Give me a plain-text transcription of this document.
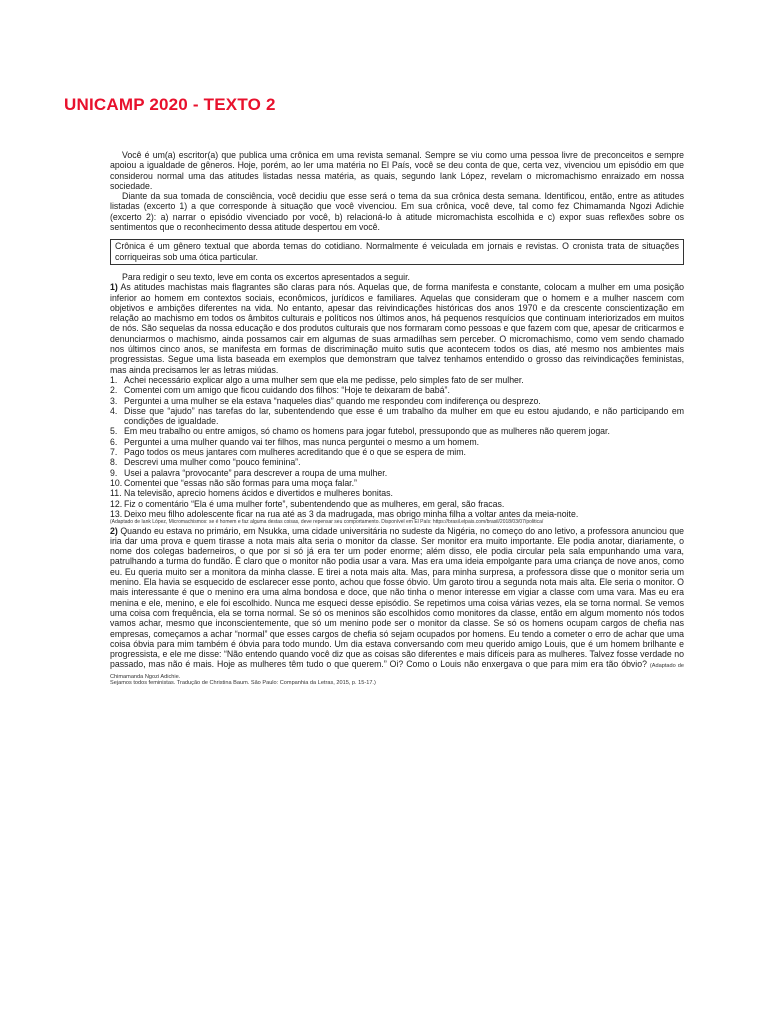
UNICAMP 2020 - TEXTO 2

Você é um(a) escritor(a) que publica uma crônica em uma revista semanal. Sempre se viu como uma pessoa livre de preconceitos e sempre apoiou a igualdade de gêneros. Hoje, porém, ao ler uma matéria no El País, você se deu conta de que, certa vez, vivenciou um episódio em que considerou normal uma das atitudes listadas nessa matéria, as quais, segundo Iank López, revelam o micromachismo enraizado em nossa sociedade.

Diante da sua tomada de consciência, você decidiu que esse será o tema da sua crônica desta semana. Identificou, então, entre as atitudes listadas (excerto 1) a que corresponde à situação que você vivenciou. Em sua crônica, você deve, tal como fez Chimamanda Ngozi Adichie (excerto 2): a) narrar o episódio vivenciado por você, b) relacioná-lo à atitude micromachista escolhida e c) expor suas reflexões sobre os sentimentos que o reconhecimento dessa atitude despertou em você.

Crônica é um gênero textual que aborda temas do cotidiano. Normalmente é veiculada em jornais e revistas. O cronista trata de situações corriqueiras sob uma ótica particular.

Para redigir o seu texto, leve em conta os excertos apresentados a seguir.

1) As atitudes machistas mais flagrantes são claras para nós. Aquelas que, de forma manifesta e constante, colocam a mulher em uma posição inferior ao homem em contextos sociais, econômicos, jurídicos e familiares. Aquelas que consideram que o homem e a mulher nascem com objetivos e ambições diferentes na vida. No entanto, apesar das reivindicações históricas dos anos 1970 e da crescente conscientização em relação ao machismo em todos os âmbitos culturais e políticos nos últimos anos, há pequenos resquícios que continuam interiorizados em muitos de nós. São sequelas da nossa educação e dos produtos culturais que nos formaram como pessoas e que fazem com que, apesar de criticarmos e denunciarmos o machismo, ainda possamos cair em algumas de suas armadilhas sem perceber. O micromachismo, como vem sendo chamado nos últimos cinco anos, se manifesta em formas de discriminação muito sutis que acontecem todos os dias, até mesmo nos ambientes mais progressistas. Segue uma lista baseada em exemplos que demonstram que talvez tenhamos entendido o grosso das reivindicações feministas, mas ainda precisamos ler as letras miúdas.

1. Achei necessário explicar algo a uma mulher sem que ela me pedisse, pelo simples fato de ser mulher.
2. Comentei com um amigo que ficou cuidando dos filhos: “Hoje te deixaram de babá”.
3. Perguntei a uma mulher se ela estava “naqueles dias” quando me respondeu com indiferença ou desprezo.
4. Disse que “ajudo” nas tarefas do lar, subentendendo que esse é um trabalho da mulher em que eu estou ajudando, e não participando em condições de igualdade.
5. Em meu trabalho ou entre amigos, só chamo os homens para jogar futebol, pressupondo que as mulheres não querem jogar.
6. Perguntei a uma mulher quando vai ter filhos, mas nunca perguntei o mesmo a um homem.
7. Pago todos os meus jantares com mulheres acreditando que é o que se espera de mim.
8. Descrevi uma mulher como “pouco feminina”.
9. Usei a palavra “provocante” para descrever a roupa de uma mulher.
10. Comentei que “essas não são formas para uma moça falar.”
11. Na televisão, aprecio homens ácidos e divertidos e mulheres bonitas.
12. Fiz o comentário “Ela é uma mulher forte”, subentendendo que as mulheres, em geral, são fracas.
13. Deixo meu filho adolescente ficar na rua até as 3 da madrugada, mas obrigo minha filha a voltar antes da meia-noite.

(Adaptado de Iank López, Micromachismos: se é homem e faz alguma destas coisas, deve repensar seu comportamento. Disponível em El País: https://brasil.elpais.com/brasil/2018/03/07/politica/

2) Quando eu estava no primário, em Nsukka, uma cidade universitária no sudeste da Nigéria, no começo do ano letivo, a professora anunciou que iria dar uma prova e quem tirasse a nota mais alta seria o monitor da classe. Ser monitor era muito importante. Ele podia anotar, diariamente, o nome dos colegas baderneiros, o que por si só já era ter um poder enorme; além disso, ele podia circular pela sala empunhando uma vara, patrulhando a turma do fundão. É claro que o monitor não podia usar a vara. Mas era uma ideia empolgante para uma criança de nove anos, como eu. Eu queria muito ser a monitora da minha classe. E tirei a nota mais alta. Mas, para minha surpresa, a professora disse que o monitor seria um menino. Ela havia se esquecido de esclarecer esse ponto, achou que fosse óbvio. Um garoto tirou a segunda nota mais alta. Ele seria o monitor. O mais interessante é que o menino era uma alma bondosa e doce, que não tinha o menor interesse em vigiar a classe com uma vara. Mas eu era menina e ele, menino, e ele foi escolhido. Nunca me esqueci desse episódio. Se repetimos uma coisa várias vezes, ela se torna normal. Se vemos uma coisa com frequência, ela se torna normal. Se só os meninos são escolhidos como monitores da classe, então em algum momento nós todos vamos achar, mesmo que inconscientemente, que só um menino pode ser o monitor da classe. Se só os homens ocupam cargos de chefia nas empresas, começamos a achar “normal” que esses cargos de chefia só sejam ocupados por homens. Eu tendo a cometer o erro de achar que uma coisa óbvia para mim também é óbvia para todo mundo. Um dia estava conversando com meu querido amigo Louis, que é um homem brilhante e progressista, e ele me disse: “Não entendo quando você diz que as coisas são diferentes e mais difíceis para as mulheres. Talvez fosse verdade no passado, mas não é mais. Hoje as mulheres têm tudo o que querem.” Oi? Como o Louis não enxergava o que para mim era tão óbvio? (Adaptado de Chimamanda Ngozi Adichie.

Sejamos todos feministas. Tradução de Christina Baum. São Paulo: Companhia da Letras, 2015, p. 15-17.)
